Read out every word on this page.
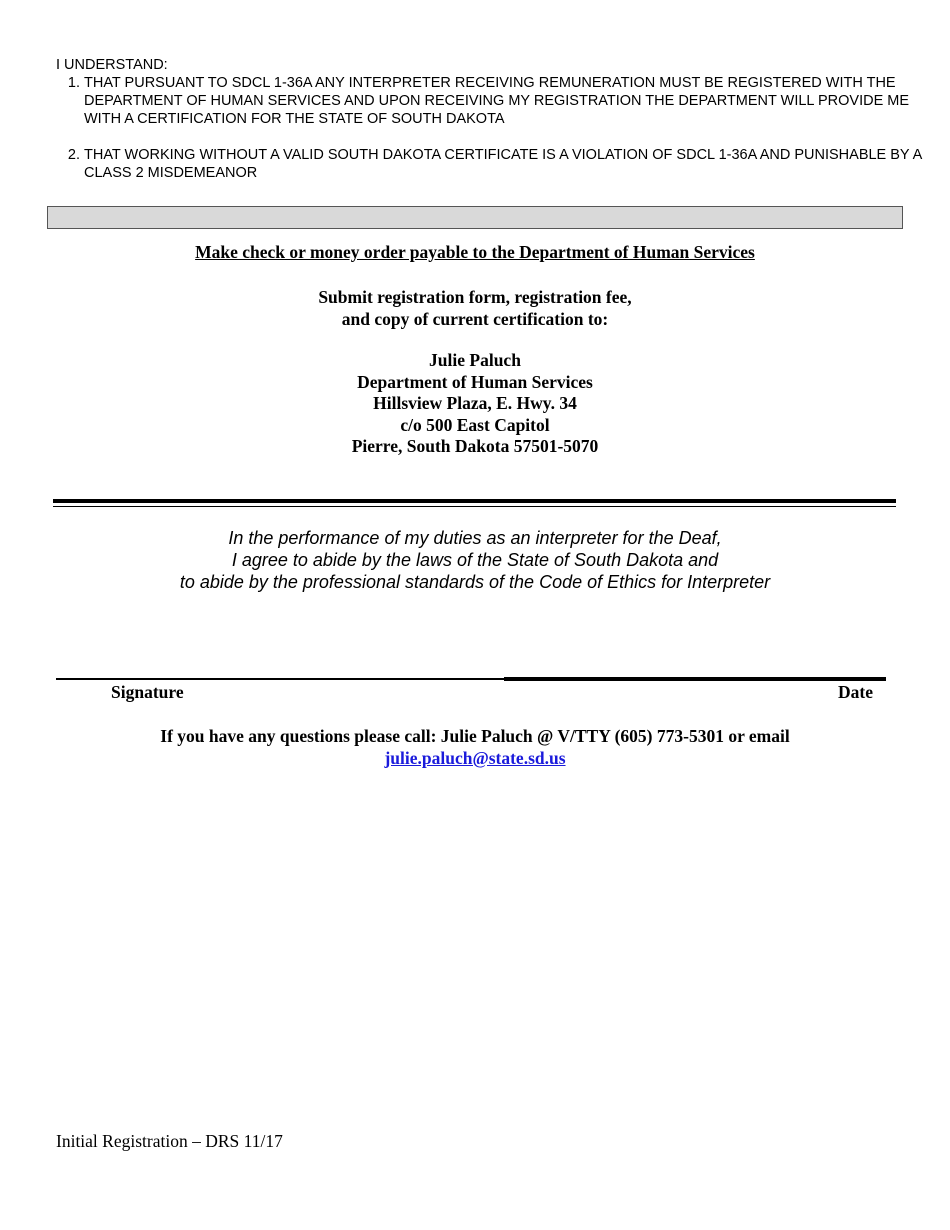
I UNDERSTAND:
1. THAT PURSUANT TO SDCL 1-36A ANY INTERPRETER RECEIVING REMUNERATION MUST BE REGISTERED WITH THE DEPARTMENT OF HUMAN SERVICES AND UPON RECEIVING MY REGISTRATION THE DEPARTMENT WILL PROVIDE ME WITH A CERTIFICATION FOR THE STATE OF SOUTH DAKOTA
2. THAT WORKING WITHOUT A VALID SOUTH DAKOTA CERTIFICATE IS A VIOLATION OF SDCL 1-36A AND PUNISHABLE BY A CLASS 2 MISDEMEANOR
Make check or money order payable to the Department of Human Services
Submit registration form, registration fee,
and copy of current certification to:
Julie Paluch
Department of Human Services
Hillsview Plaza, E. Hwy. 34
c/o 500 East Capitol
Pierre, South Dakota 57501-5070
In the performance of my duties as an interpreter for the Deaf,
I agree to abide by the laws of the State of South Dakota and
to abide by the professional standards of the Code of Ethics for Interpreter
Signature	Date
If you have any questions please call: Julie Paluch @ V/TTY (605) 773-5301 or email
julie.paluch@state.sd.us
Initial Registration – DRS 11/17
